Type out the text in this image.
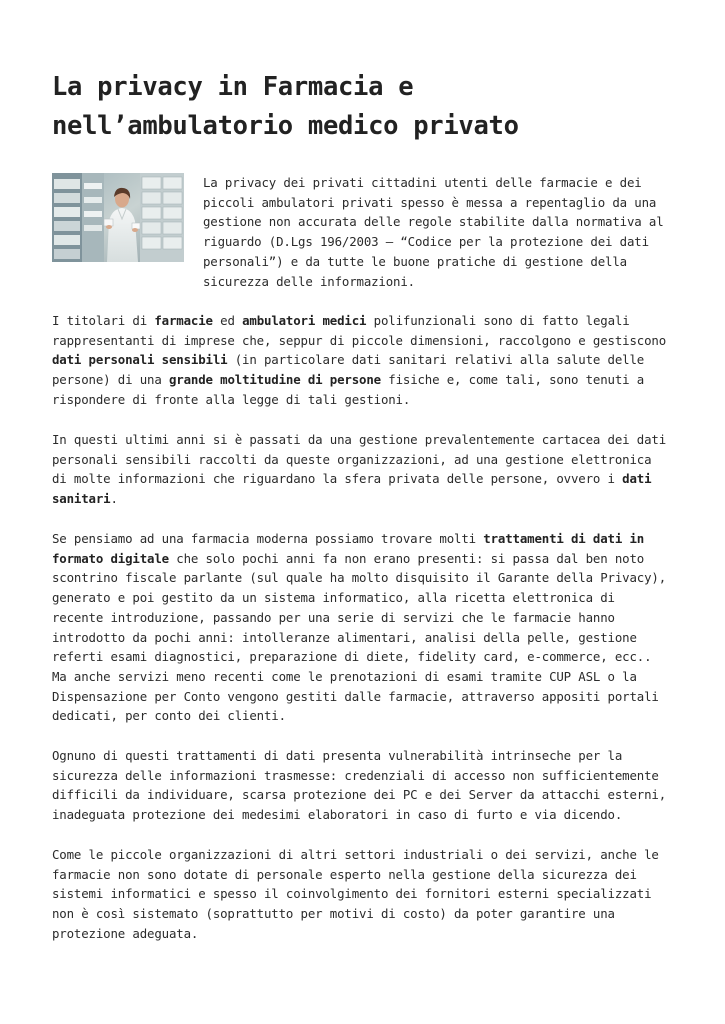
La privacy in Farmacia e
nell’ambulatorio medico privato

La privacy dei privati cittadini utenti delle farmacie e dei
piccoli ambulatori privati spesso è messa a repentaglio da una
gestione non accurata delle regole stabilite dalla normativa al
riguardo (D.Lgs 196/2003 – “Codice per la protezione dei dati
personali”) e da tutte le buone pratiche di gestione della
sicurezza delle informazioni.

I titolari di farmacie ed ambulatori medici polifunzionali sono di fatto legali
rappresentanti di imprese che, seppur di piccole dimensioni, raccolgono e gestiscono
dati personali sensibili (in particolare dati sanitari relativi alla salute delle
persone) di una grande moltitudine di persone fisiche e, come tali, sono tenuti a
rispondere di fronte alla legge di tali gestioni.

In questi ultimi anni si è passati da una gestione prevalentemente cartacea dei dati
personali sensibili raccolti da queste organizzazioni, ad una gestione elettronica
di molte informazioni che riguardano la sfera privata delle persone, ovvero i dati
sanitari.

Se pensiamo ad una farmacia moderna possiamo trovare molti trattamenti di dati in
formato digitale che solo pochi anni fa non erano presenti: si passa dal ben noto
scontrino fiscale parlante (sul quale ha molto disquisito il Garante della Privacy),
generato e poi gestito da un sistema informatico, alla ricetta elettronica di
recente introduzione, passando per una serie di servizi che le farmacie hanno
introdotto da pochi anni: intolleranze alimentari, analisi della pelle, gestione
referti esami diagnostici, preparazione di diete, fidelity card, e-commerce, ecc..
Ma anche servizi meno recenti come le prenotazioni di esami tramite CUP ASL o la
Dispensazione per Conto vengono gestiti dalle farmacie, attraverso appositi portali
dedicati, per conto dei clienti.

Ognuno di questi trattamenti di dati presenta vulnerabilità intrinseche per la
sicurezza delle informazioni trasmesse: credenziali di accesso non sufficientemente
difficili da individuare, scarsa protezione dei PC e dei Server da attacchi esterni,
inadeguata protezione dei medesimi elaboratori in caso di furto e via dicendo.

Come le piccole organizzazioni di altri settori industriali o dei servizi, anche le
farmacie non sono dotate di personale esperto nella gestione della sicurezza dei
sistemi informatici e spesso il coinvolgimento dei fornitori esterni specializzati
non è così sistemato (soprattutto per motivi di costo) da poter garantire una
protezione adeguata.
